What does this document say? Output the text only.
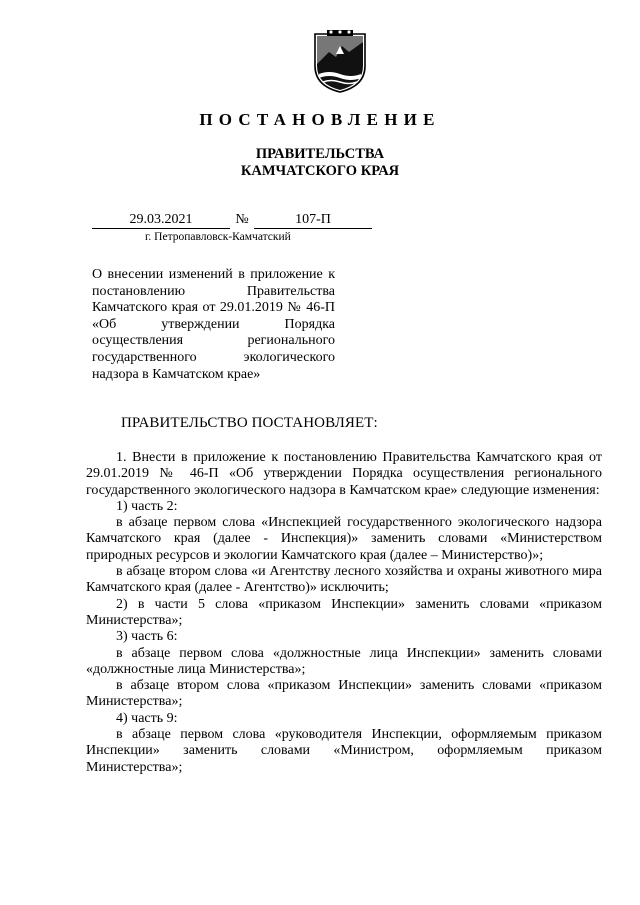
ПОСТАНОВЛЕНИЕ
ПРАВИТЕЛЬСТВА
КАМЧАТСКОГО КРАЯ
29.03.2021	№	107-П
г. Петропавловск-Камчатский
О внесении изменений в приложение к постановлению Правительства Камчатского края от 29.01.2019 № 46-П «Об утверждении Порядка осуществления регионального государственного экологического надзора в Камчатском крае»
ПРАВИТЕЛЬСТВО ПОСТАНОВЛЯЕТ:

1. Внести в приложение к постановлению Правительства Камчатского края от 29.01.2019 № 46-П «Об утверждении Порядка осуществления регионального государственного экологического надзора в Камчатском крае» следующие изменения:

1) часть 2:

в абзаце первом слова «Инспекцией государственного экологического надзора Камчатского края (далее - Инспекция)» заменить словами «Министерством природных ресурсов и экологии Камчатского края (далее – Министерство)»;

в абзаце втором слова «и Агентству лесного хозяйства и охраны животного мира Камчатского края (далее - Агентство)» исключить;

2) в части 5 слова «приказом Инспекции» заменить словами «приказом Министерства»;

3) часть 6:

в абзаце первом слова «должностные лица Инспекции» заменить словами «должностные лица Министерства»;

в абзаце втором слова «приказом Инспекции» заменить словами «приказом Министерства»;

4) часть 9:

в абзаце первом слова «руководителя Инспекции, оформляемым приказом Инспекции» заменить словами «Министром, оформляемым приказом Министерства»;
